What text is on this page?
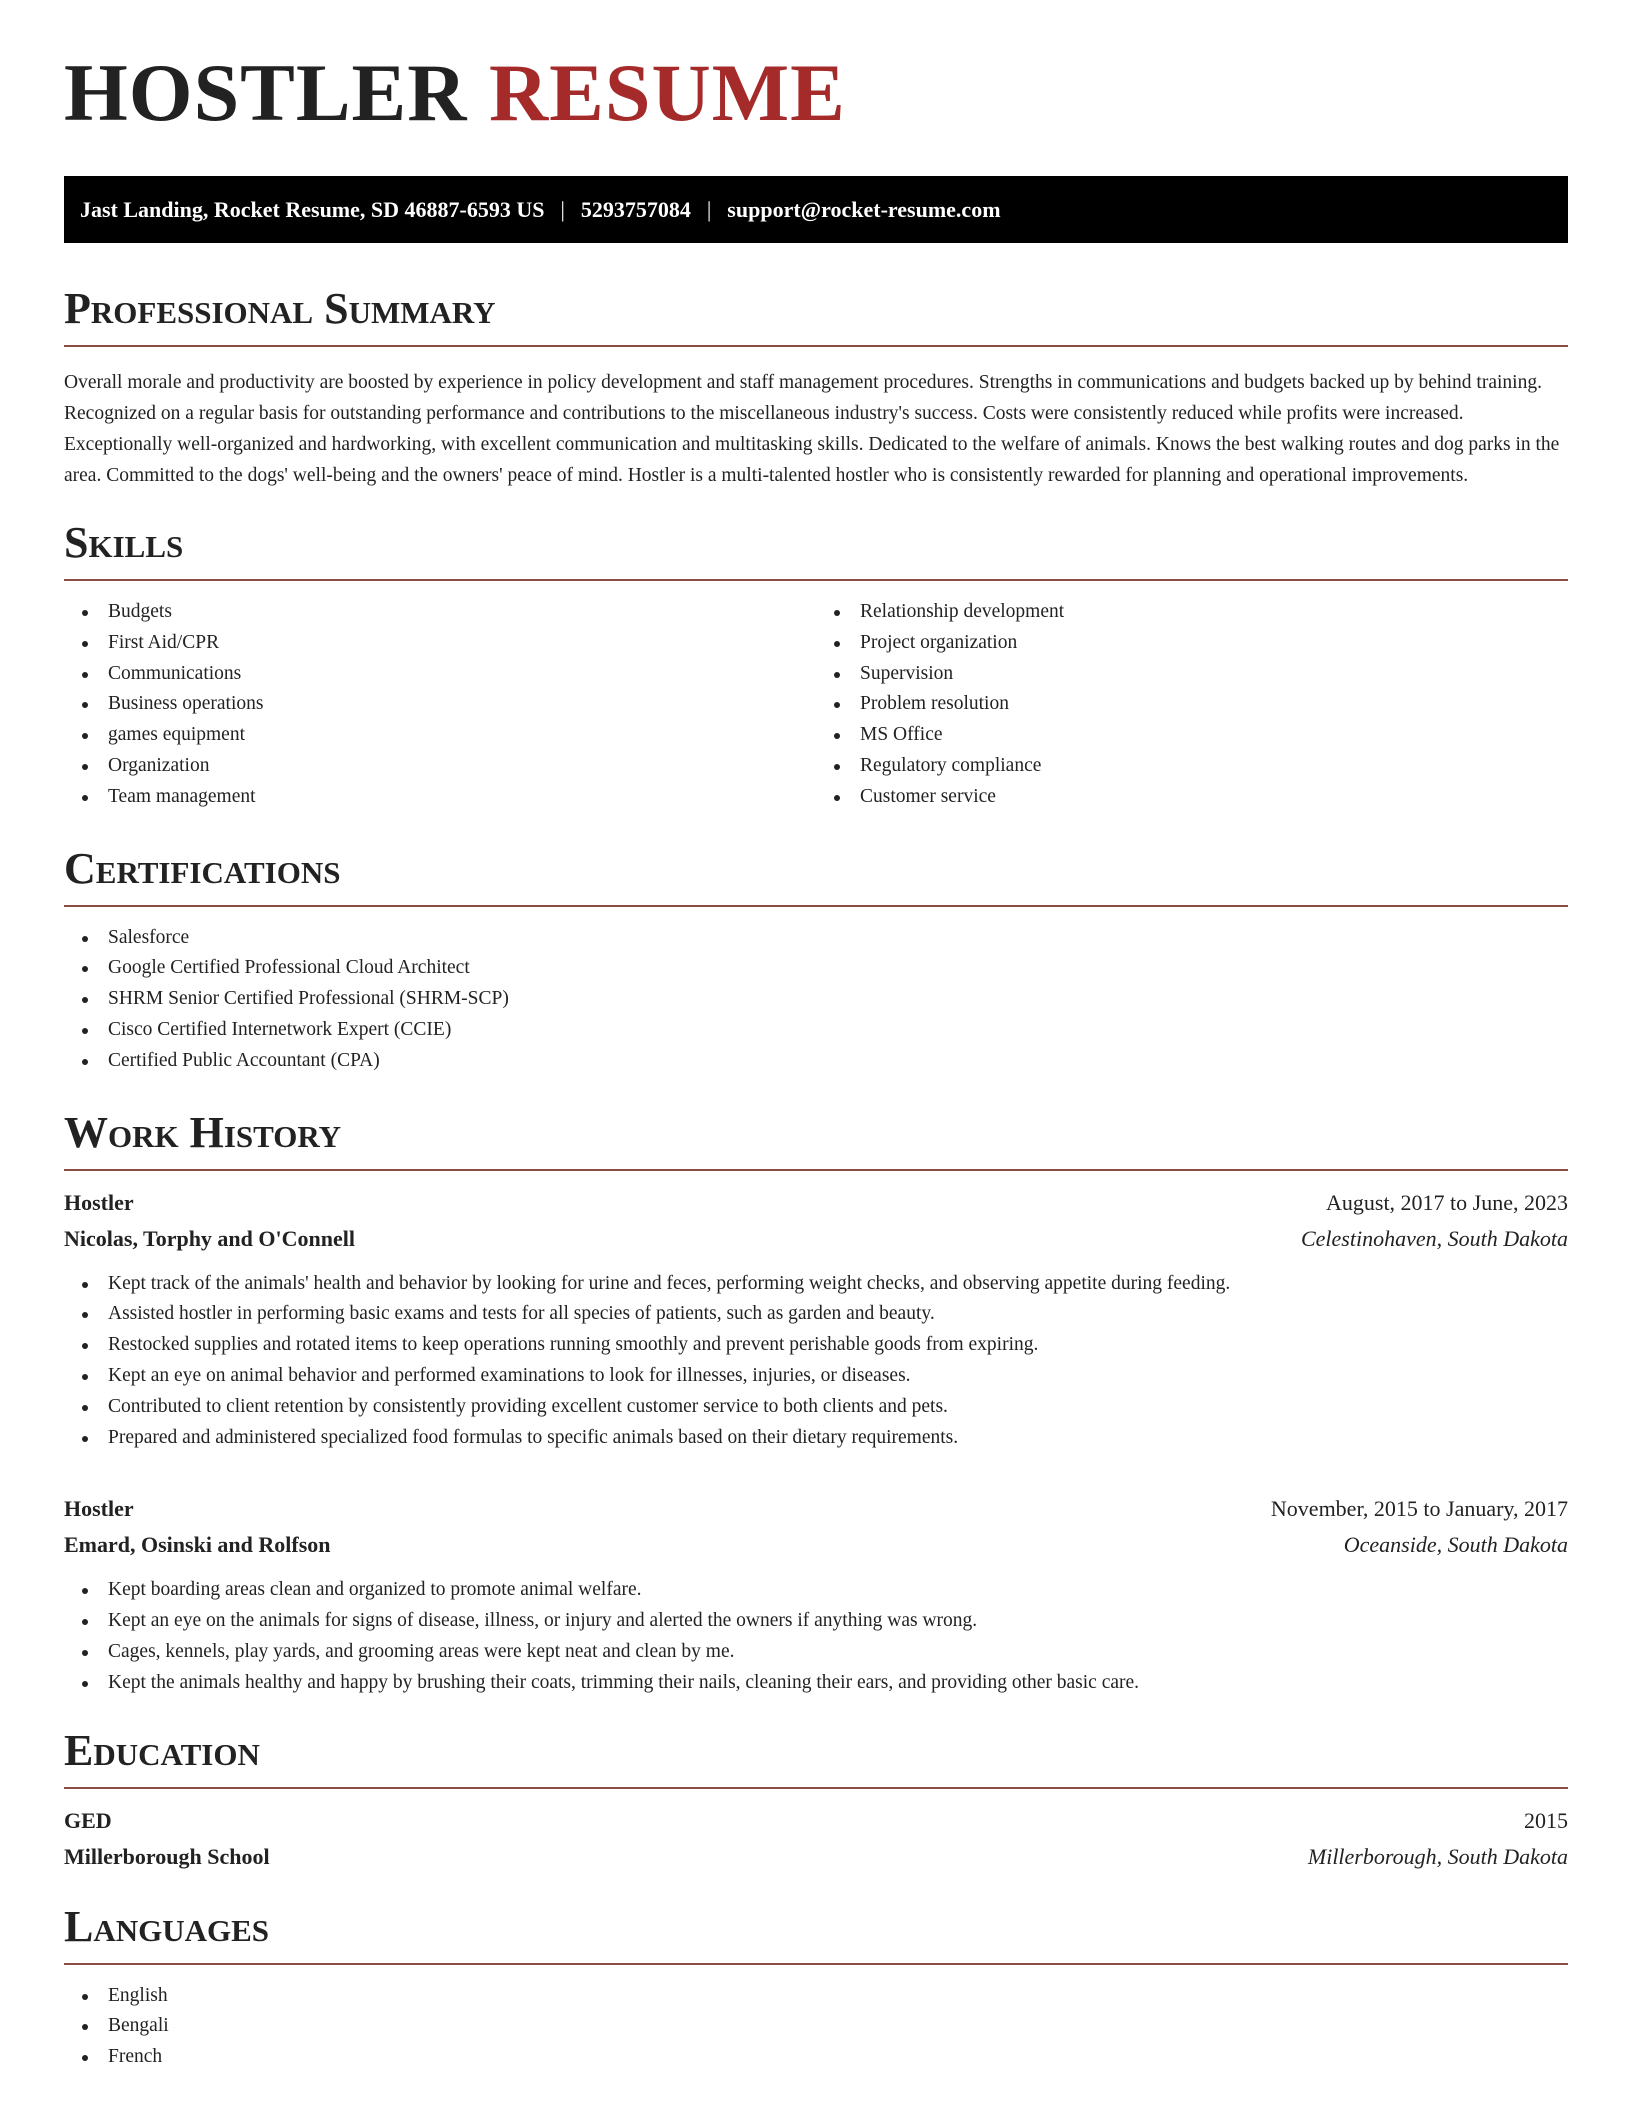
HOSTLER RESUME
Jast Landing, Rocket Resume, SD 46887-6593 US | 5293757084 | support@rocket-resume.com
Professional Summary

Overall morale and productivity are boosted by experience in policy development and staff management procedures. Strengths in communications and budgets backed up by behind training. Recognized on a regular basis for outstanding performance and contributions to the miscellaneous industry's success. Costs were consistently reduced while profits were increased. Exceptionally well-organized and hardworking, with excellent communication and multitasking skills. Dedicated to the welfare of animals. Knows the best walking routes and dog parks in the area. Committed to the dogs' well-being and the owners' peace of mind. Hostler is a multi-talented hostler who is consistently rewarded for planning and operational improvements.

Skills
Budgets
First Aid/CPR
Communications
Business operations
games equipment
Organization
Team management
Relationship development
Project organization
Supervision
Problem resolution
MS Office
Regulatory compliance
Customer service
Certifications
Salesforce
Google Certified Professional Cloud Architect
SHRM Senior Certified Professional (SHRM-SCP)
Cisco Certified Internetwork Expert (CCIE)
Certified Public Accountant (CPA)
Work History
Hostler	August, 2017 to June, 2023
Nicolas, Torphy and O'Connell	Celestinohaven, South Dakota
Kept track of the animals' health and behavior by looking for urine and feces, performing weight checks, and observing appetite during feeding.
Assisted hostler in performing basic exams and tests for all species of patients, such as garden and beauty.
Restocked supplies and rotated items to keep operations running smoothly and prevent perishable goods from expiring.
Kept an eye on animal behavior and performed examinations to look for illnesses, injuries, or diseases.
Contributed to client retention by consistently providing excellent customer service to both clients and pets.
Prepared and administered specialized food formulas to specific animals based on their dietary requirements.
Hostler	November, 2015 to January, 2017
Emard, Osinski and Rolfson	Oceanside, South Dakota
Kept boarding areas clean and organized to promote animal welfare.
Kept an eye on the animals for signs of disease, illness, or injury and alerted the owners if anything was wrong.
Cages, kennels, play yards, and grooming areas were kept neat and clean by me.
Kept the animals healthy and happy by brushing their coats, trimming their nails, cleaning their ears, and providing other basic care.
Education
GED	2015
Millerborough School	Millerborough, South Dakota
Languages
English
Bengali
French
